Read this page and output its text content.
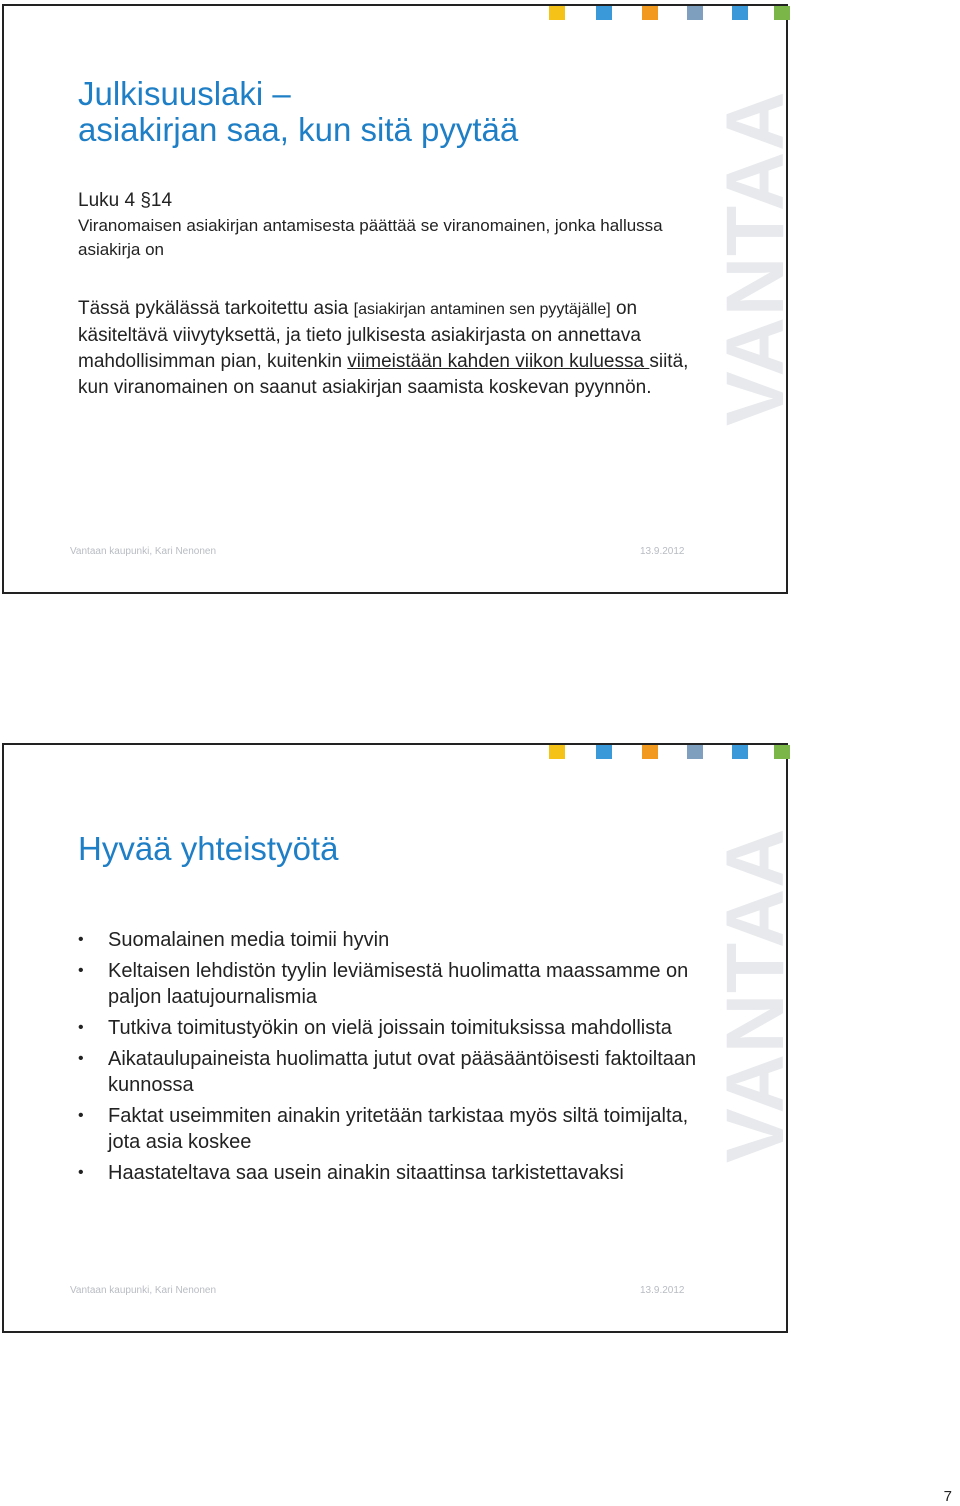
VANTAA
Julkisuuslaki –
asiakirjan saa, kun sitä pyytää

Luku 4 §14

Viranomaisen asiakirjan antamisesta päättää se viranomainen, jonka hallussa asiakirja on

Tässä pykälässä tarkoitettu asia [asiakirjan antaminen sen pyytäjälle] on käsiteltävä viivytyksettä, ja tieto julkisesta asiakirjasta on annettava mahdollisimman pian, kuitenkin viimeistään kahden viikon kuluessa siitä, kun viranomainen on saanut asiakirjan saamista koskevan pyynnön.

Vantaan kaupunki, Kari Nenonen	13.9.2012
VANTAA
Hyvää yhteistyötä
• Suomalainen media toimii hyvin
• Keltaisen lehdistön tyylin leviämisestä huolimatta maassamme on paljon laatujournalismia
• Tutkiva toimitustyökin on vielä joissain toimituksissa mahdollista
• Aikataulupaineista huolimatta jutut ovat pääsääntöisesti faktoiltaan kunnossa
• Faktat useimmiten ainakin yritetään tarkistaa myös siltä toimijalta, jota asia koskee
• Haastateltava saa usein ainakin sitaattinsa tarkistettavaksi
Vantaan kaupunki, Kari Nenonen	13.9.2012
7
